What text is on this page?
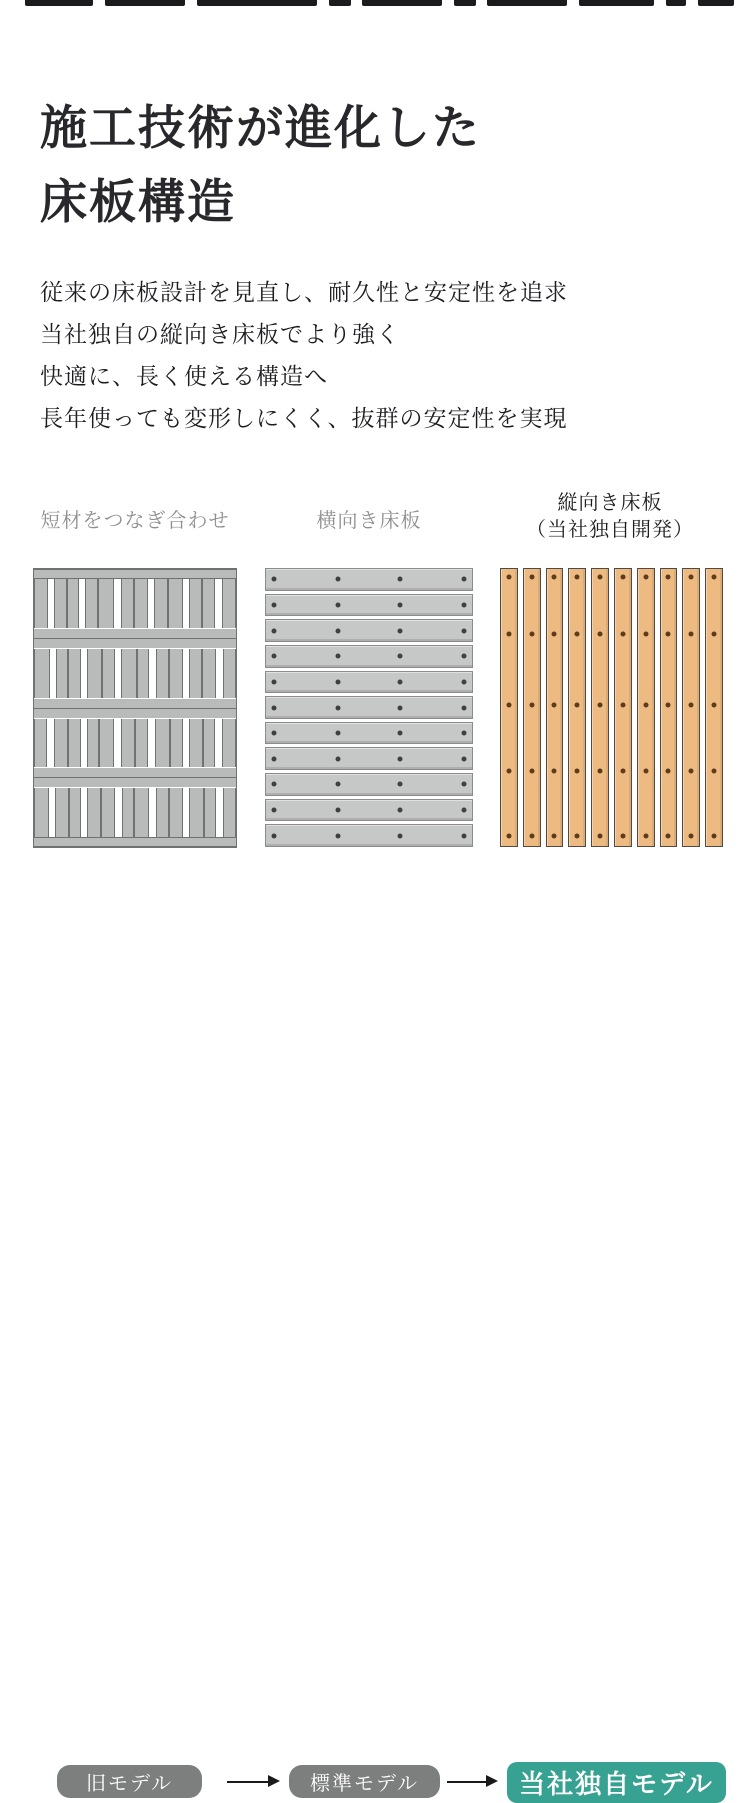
施工技術が進化した
床板構造
従来の床板設計を見直し、耐久性と安定性を追求
当社独自の縦向き床板でより強く
快適に、長く使える構造へ
長年使っても変形しにくく、抜群の安定性を実現
短材をつなぎ合わせ	横向き床板
縦向き床板
（当社独自開発）
旧モデル	標準モデル	当社独自モデル
